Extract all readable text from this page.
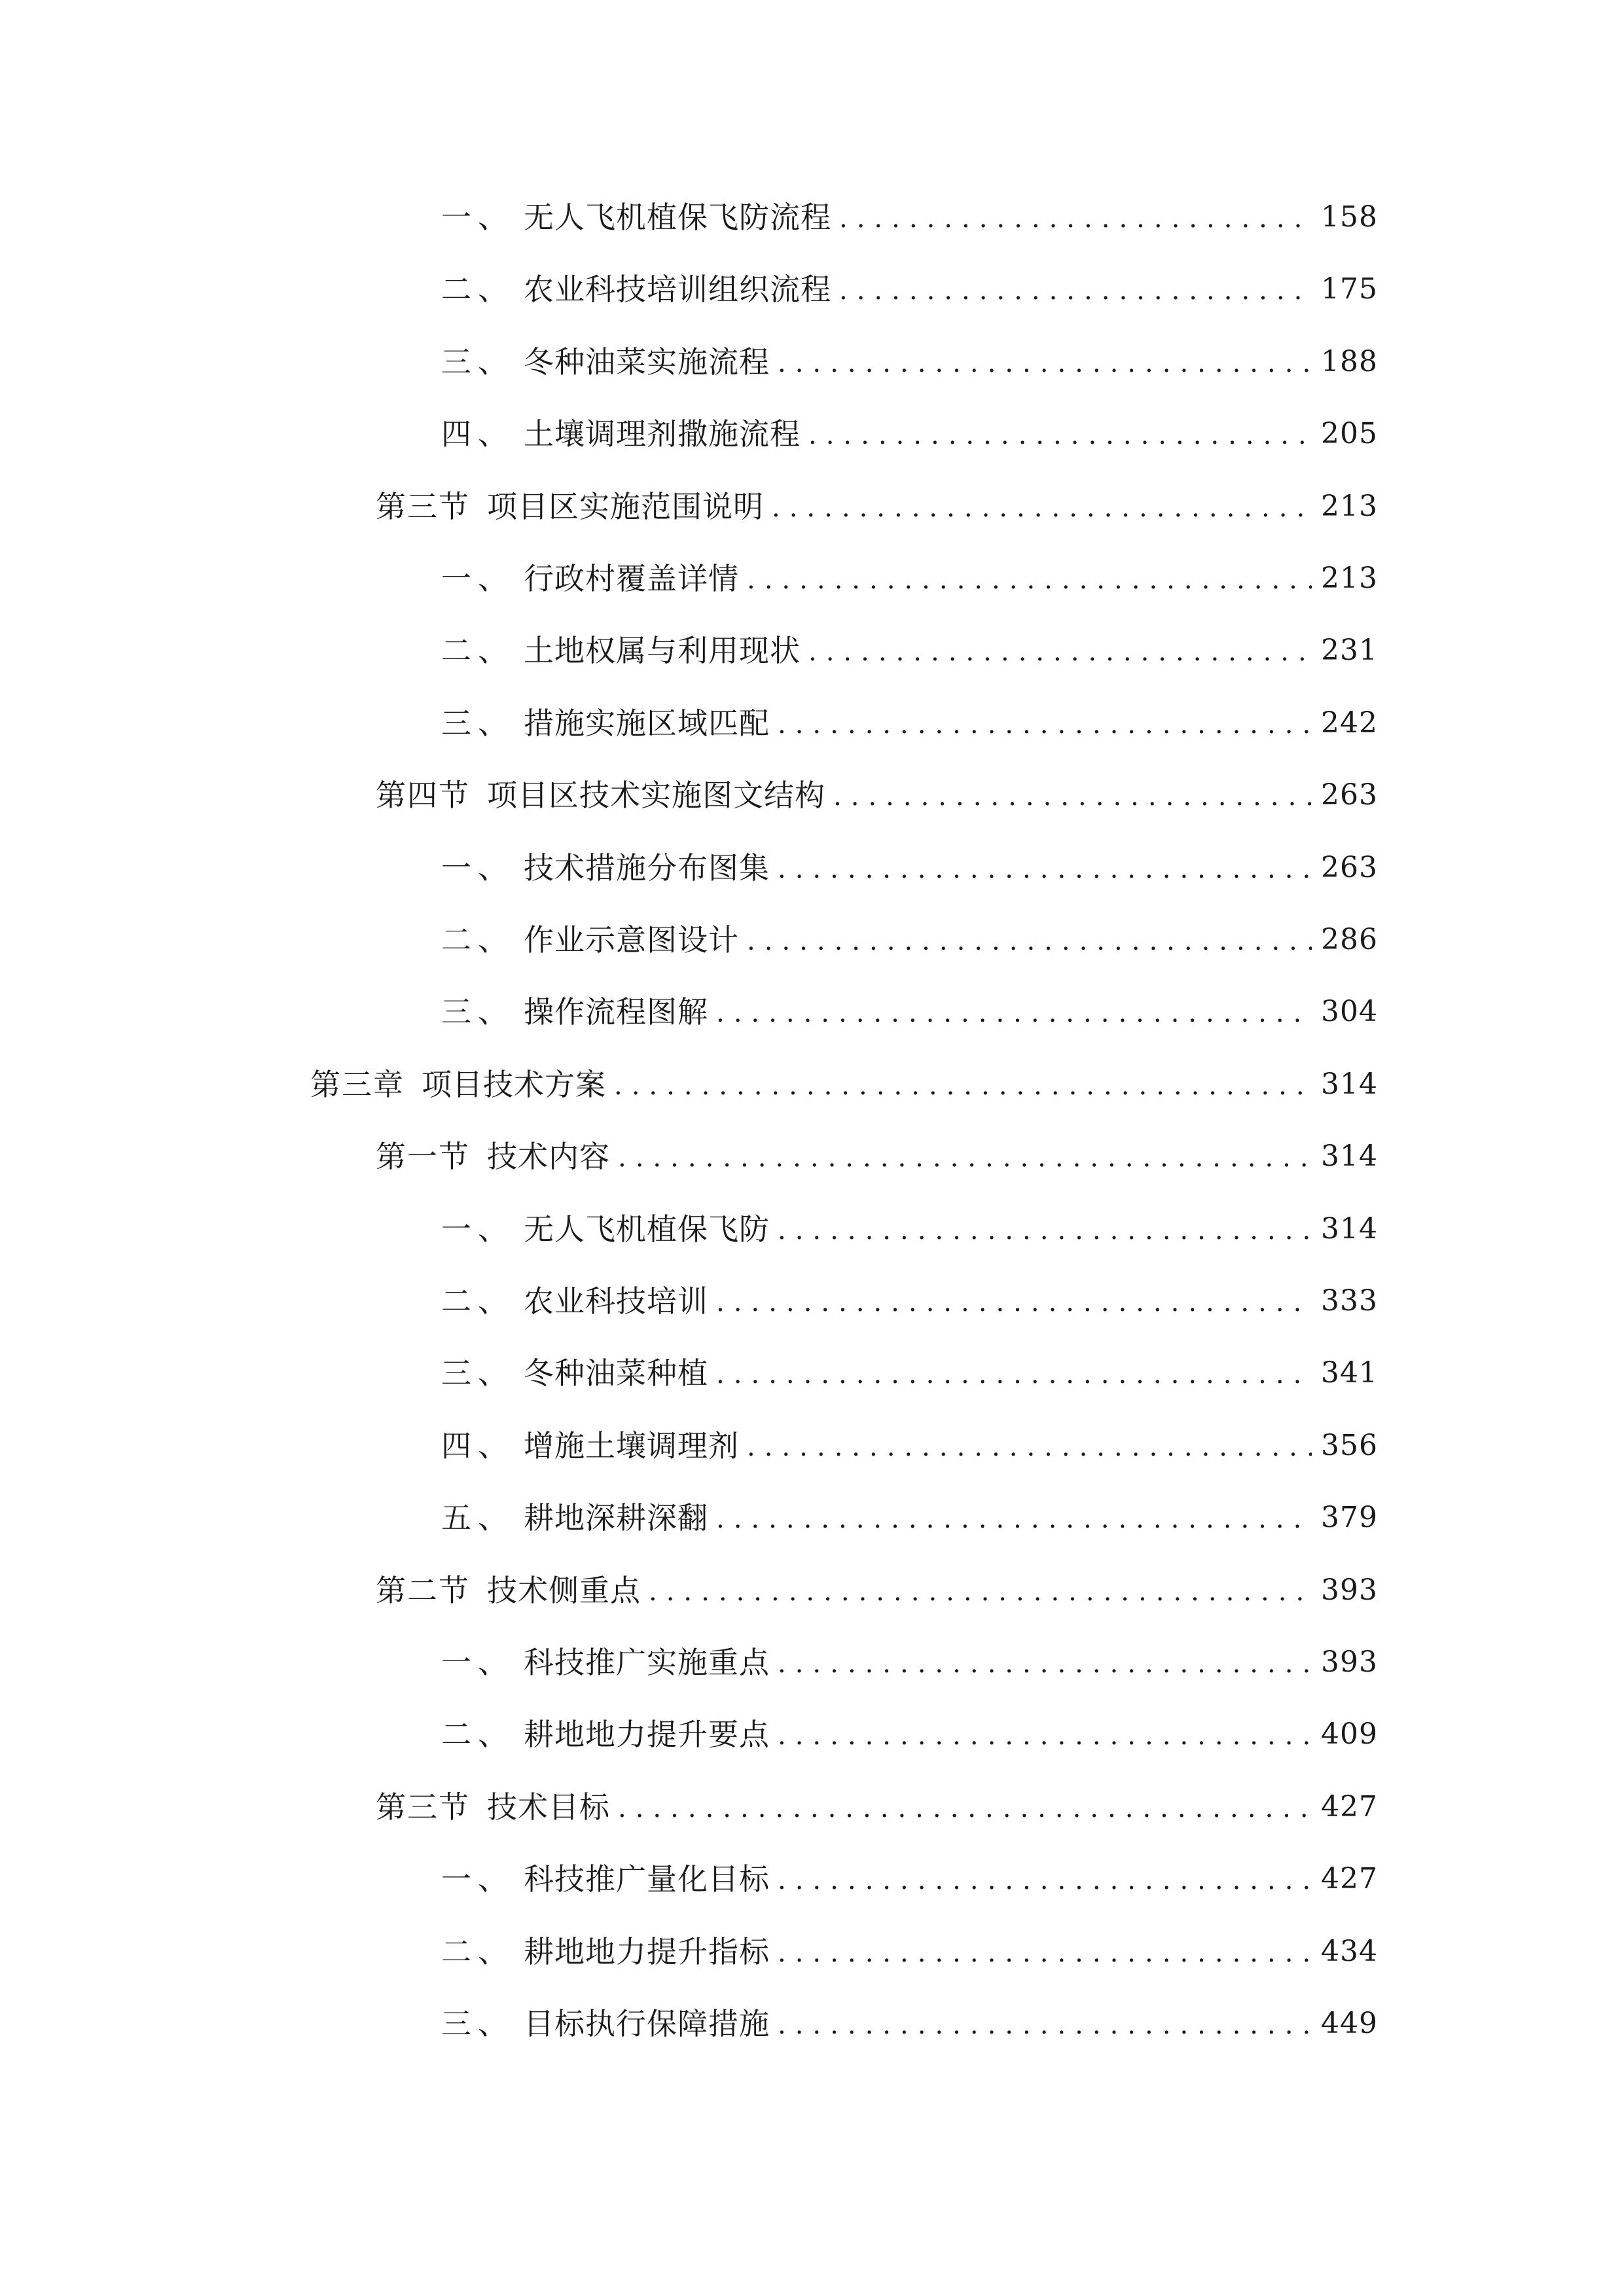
一、 无人飞机植保飞防流程 .....	158
二、 农业科技培训组织流程 .....	175
三、 冬种油菜实施流程 .....	188
四、 土壤调理剂撒施流程 .....	205
第三节 项目区实施范围说明 .....	213
一、 行政村覆盖详情 .....	213
二、 土地权属与利用现状 .....	231
三、 措施实施区域匹配 .....	242
第四节 项目区技术实施图文结构 .....	263
一、 技术措施分布图集 .....	263
二、 作业示意图设计 .....	286
三、 操作流程图解 .....	304
第三章 项目技术方案 .....	314
第一节 技术内容 .....	314
一、 无人飞机植保飞防 .....	314
二、 农业科技培训 .....	333
三、 冬种油菜种植 .....	341
四、 增施土壤调理剂 .....	356
五、 耕地深耕深翻 .....	379
第二节 技术侧重点 .....	393
一、 科技推广实施重点 .....	393
二、 耕地地力提升要点 .....	409
第三节 技术目标 .....	427
一、 科技推广量化目标 .....	427
二、 耕地地力提升指标 .....	434
三、 目标执行保障措施 .....	449
